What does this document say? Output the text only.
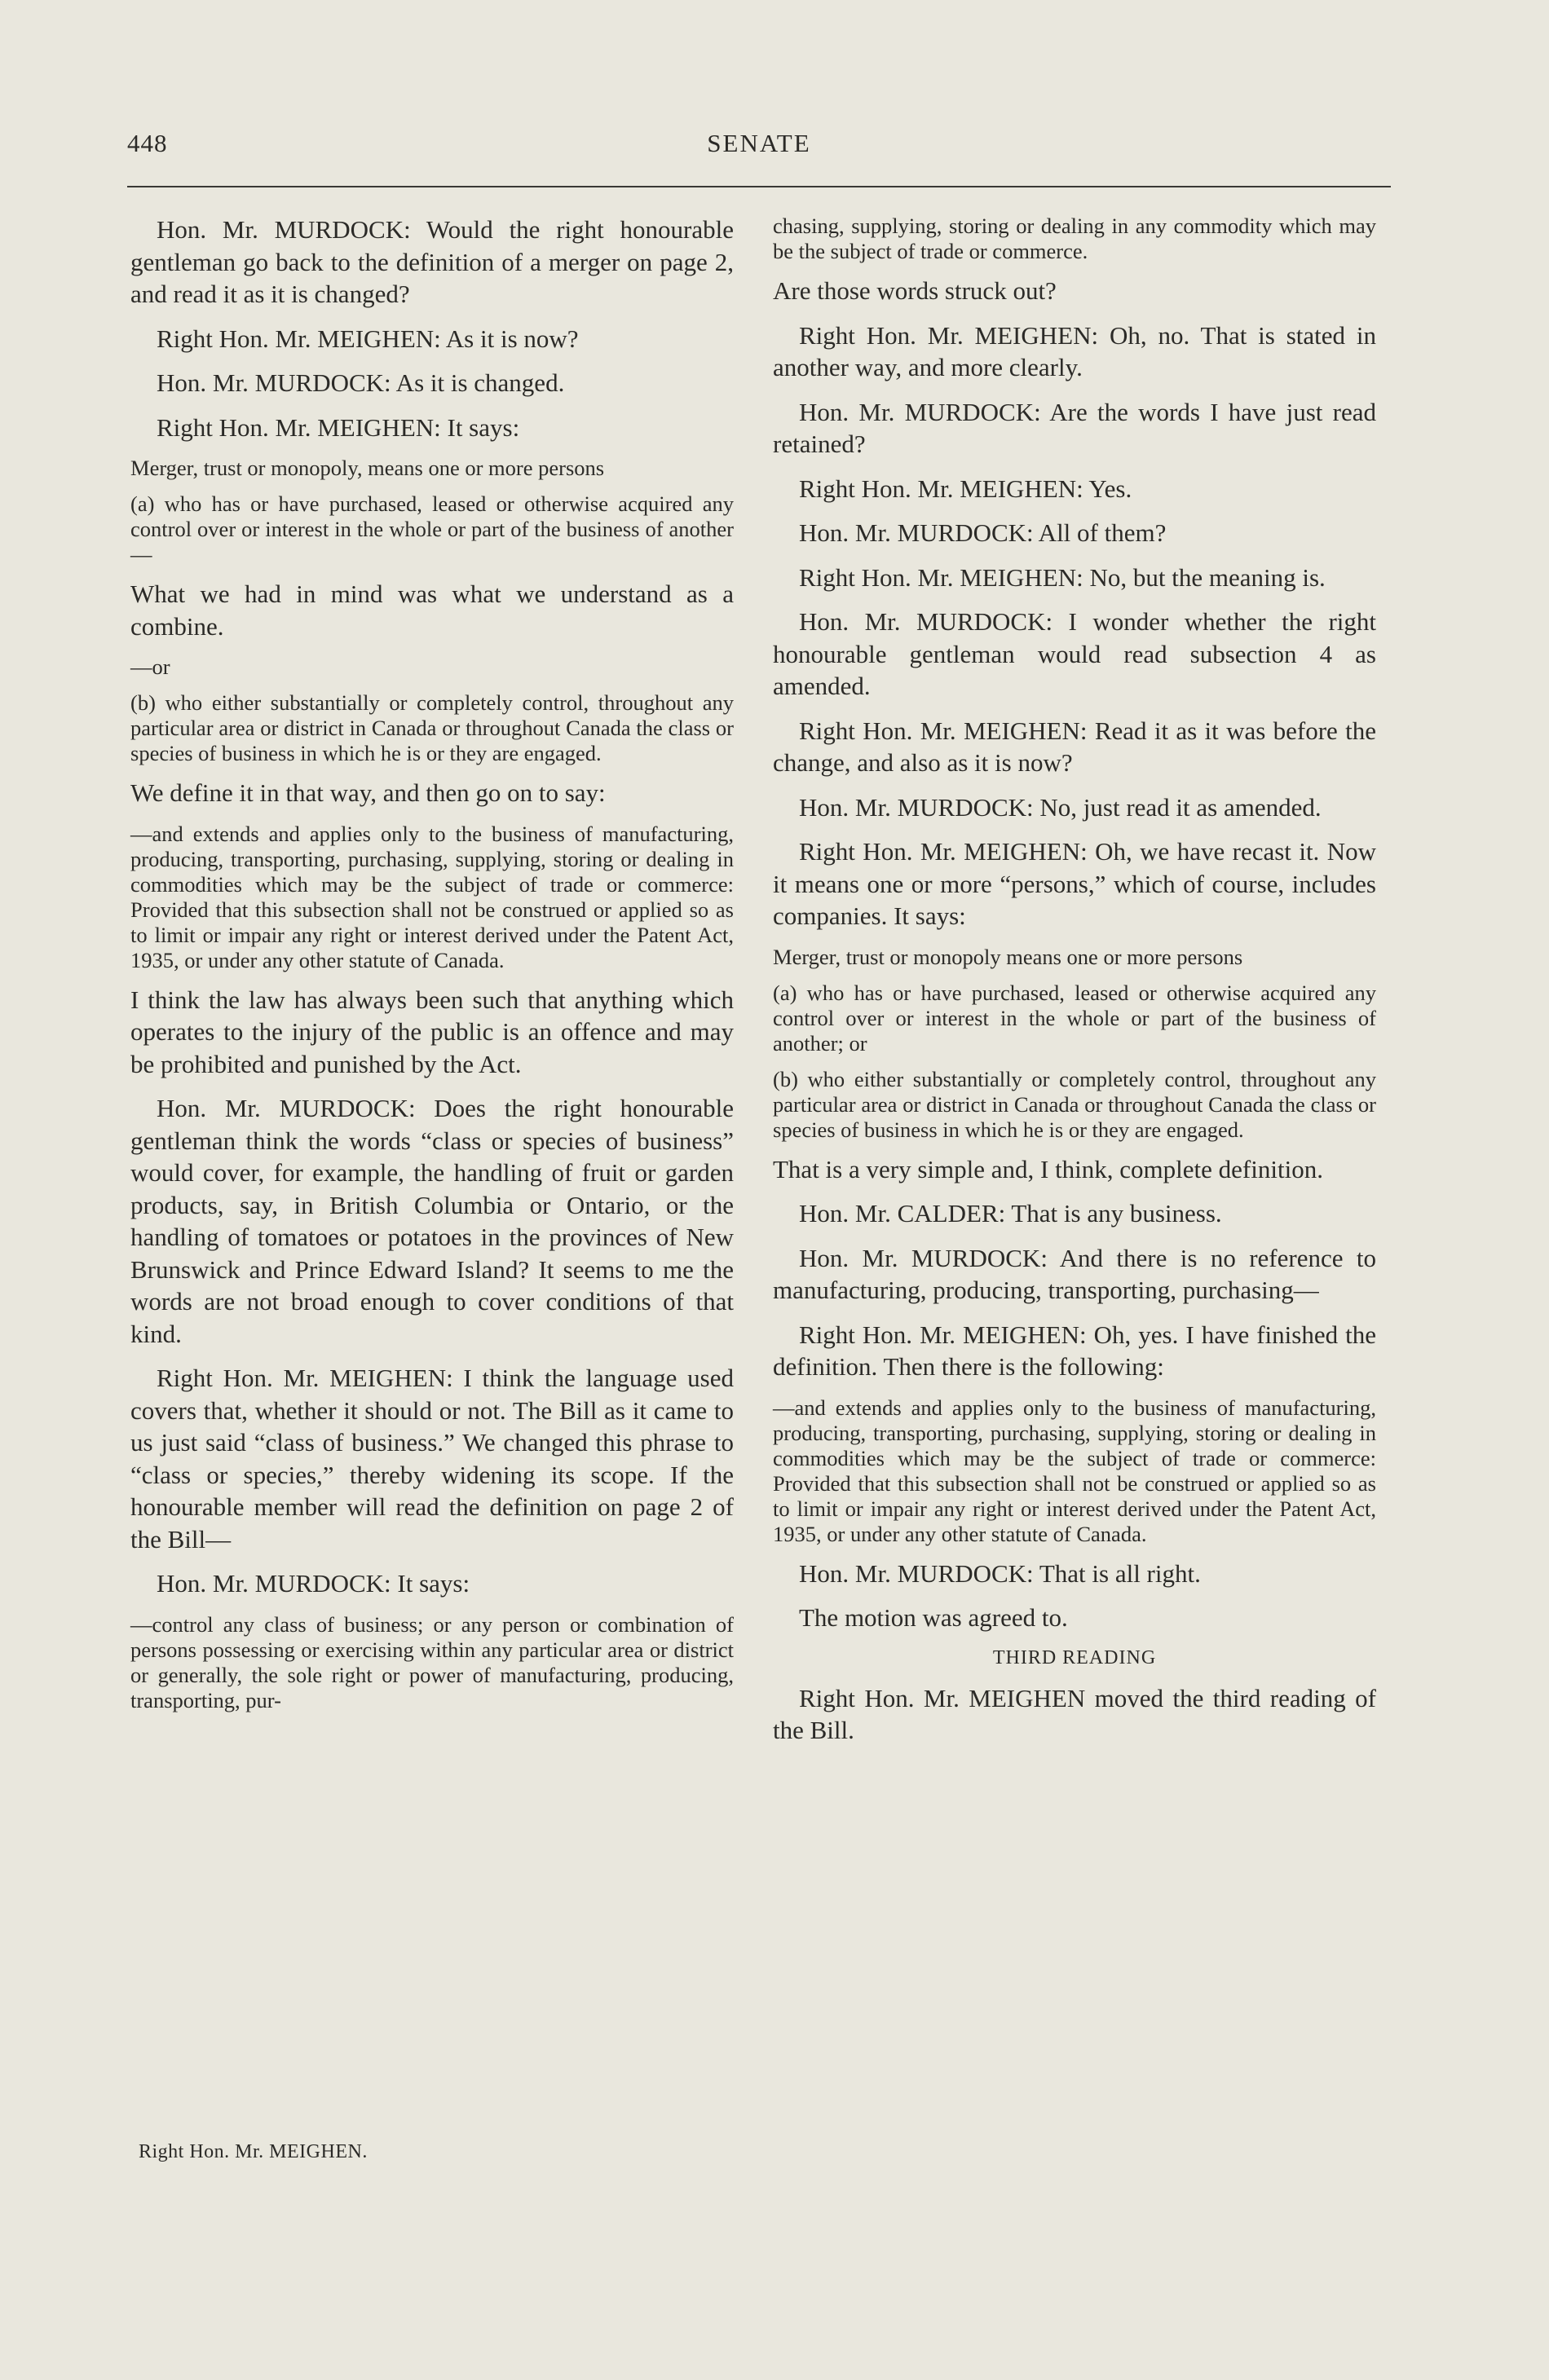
448	SENATE

Hon. Mr. MURDOCK: Would the right honourable gentleman go back to the definition of a merger on page 2, and read it as it is changed?

Right Hon. Mr. MEIGHEN: As it is now?

Hon. Mr. MURDOCK: As it is changed.

Right Hon. Mr. MEIGHEN: It says:

Merger, trust or monopoly, means one or more persons

(a) who has or have purchased, leased or otherwise acquired any control over or interest in the whole or part of the business of another—

What we had in mind was what we understand as a combine.

—or

(b) who either substantially or completely control, throughout any particular area or district in Canada or throughout Canada the class or species of business in which he is or they are engaged.

We define it in that way, and then go on to say:

—and extends and applies only to the business of manufacturing, producing, transporting, purchasing, supplying, storing or dealing in commodities which may be the subject of trade or commerce: Provided that this subsection shall not be construed or applied so as to limit or impair any right or interest derived under the Patent Act, 1935, or under any other statute of Canada.

I think the law has always been such that anything which operates to the injury of the public is an offence and may be prohibited and punished by the Act.

Hon. Mr. MURDOCK: Does the right honourable gentleman think the words “class or species of business” would cover, for example, the handling of fruit or garden products, say, in British Columbia or Ontario, or the handling of tomatoes or potatoes in the provinces of New Brunswick and Prince Edward Island? It seems to me the words are not broad enough to cover conditions of that kind.

Right Hon. Mr. MEIGHEN: I think the language used covers that, whether it should or not. The Bill as it came to us just said “class of business.” We changed this phrase to “class or species,” thereby widening its scope. If the honourable member will read the definition on page 2 of the Bill—

Hon. Mr. MURDOCK: It says:

—control any class of business; or any person or combination of persons possessing or exercising within any particular area or district or generally, the sole right or power of manufacturing, producing, transporting, pur-

chasing, supplying, storing or dealing in any commodity which may be the subject of trade or commerce.

Are those words struck out?

Right Hon. Mr. MEIGHEN: Oh, no. That is stated in another way, and more clearly.

Hon. Mr. MURDOCK: Are the words I have just read retained?

Right Hon. Mr. MEIGHEN: Yes.

Hon. Mr. MURDOCK: All of them?

Right Hon. Mr. MEIGHEN: No, but the meaning is.

Hon. Mr. MURDOCK: I wonder whether the right honourable gentleman would read subsection 4 as amended.

Right Hon. Mr. MEIGHEN: Read it as it was before the change, and also as it is now?

Hon. Mr. MURDOCK: No, just read it as amended.

Right Hon. Mr. MEIGHEN: Oh, we have recast it. Now it means one or more “persons,” which of course, includes companies. It says:

Merger, trust or monopoly means one or more persons

(a) who has or have purchased, leased or otherwise acquired any control over or interest in the whole or part of the business of another; or

(b) who either substantially or completely control, throughout any particular area or district in Canada or throughout Canada the class or species of business in which he is or they are engaged.

That is a very simple and, I think, complete definition.

Hon. Mr. CALDER: That is any business.

Hon. Mr. MURDOCK: And there is no reference to manufacturing, producing, transporting, purchasing—

Right Hon. Mr. MEIGHEN: Oh, yes. I have finished the definition. Then there is the following:

—and extends and applies only to the business of manufacturing, producing, transporting, purchasing, supplying, storing or dealing in commodities which may be the subject of trade or commerce: Provided that this subsection shall not be construed or applied so as to limit or impair any right or interest derived under the Patent Act, 1935, or under any other statute of Canada.

Hon. Mr. MURDOCK: That is all right.

The motion was agreed to.

THIRD READING

Right Hon. Mr. MEIGHEN moved the third reading of the Bill.

Right Hon. Mr. MEIGHEN.
